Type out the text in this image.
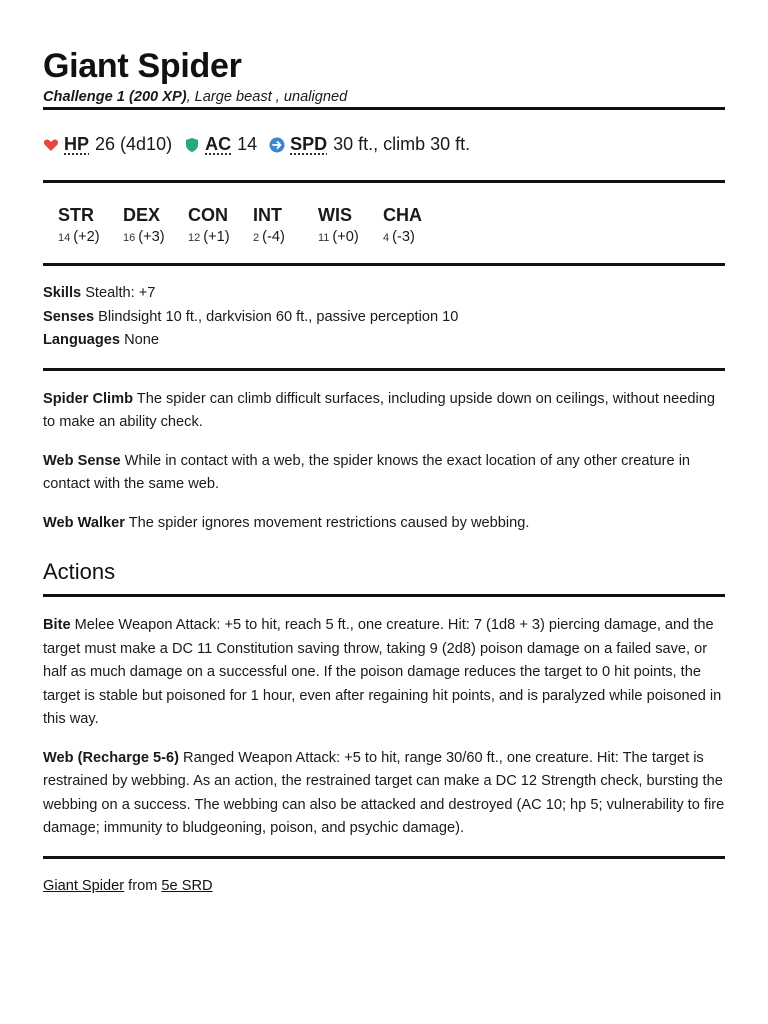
Giant Spider
Challenge 1 (200 XP), Large beast , unaligned
HP 26 (4d10) AC 14 SPD 30 ft., climb 30 ft.
STR
14 (+2)
DEX
16 (+3)
CON
12 (+1)
INT
2 (-4)
WIS
11 (+0)
CHA
4 (-3)
Skills Stealth: +7
Senses Blindsight 10 ft., darkvision 60 ft., passive perception 10
Languages None

Spider Climb The spider can climb difficult surfaces, including upside down on ceilings, without needing to make an ability check.

Web Sense While in contact with a web, the spider knows the exact location of any other creature in contact with the same web.

Web Walker The spider ignores movement restrictions caused by webbing.

Actions

Bite Melee Weapon Attack: +5 to hit, reach 5 ft., one creature. Hit: 7 (1d8 + 3) piercing damage, and the target must make a DC 11 Constitution saving throw, taking 9 (2d8) poison damage on a failed save, or half as much damage on a successful one. If the poison damage reduces the target to 0 hit points, the target is stable but poisoned for 1 hour, even after regaining hit points, and is paralyzed while poisoned in this way.

Web (Recharge 5-6) Ranged Weapon Attack: +5 to hit, range 30/60 ft., one creature. Hit: The target is restrained by webbing. As an action, the restrained target can make a DC 12 Strength check, bursting the webbing on a success. The webbing can also be attacked and destroyed (AC 10; hp 5; vulnerability to fire damage; immunity to bludgeoning, poison, and psychic damage).

Giant Spider from 5e SRD
